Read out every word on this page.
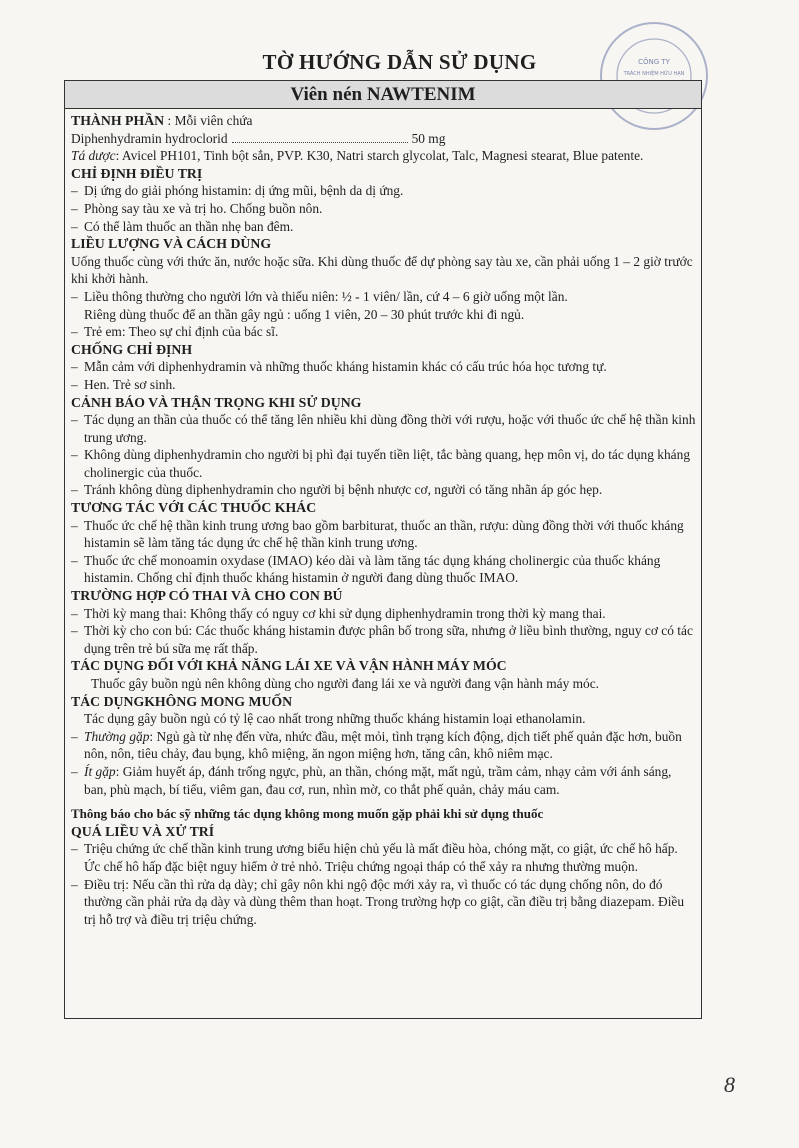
TỜ HƯỚNG DẪN SỬ DỤNG	CÔNG TY
TRÁCH NHIỆM HỮU HẠN
Viên nén NAWTENIM

THÀNH PHẦN : Mỗi viên chứa

Diphenhydramin hydroclorid	50 mg

Tá dược: Avicel PH101, Tinh bột sắn, PVP. K30, Natri starch glycolat, Talc, Magnesi stearat, Blue patente.

CHỈ ĐỊNH ĐIỀU TRỊ

– Dị ứng do giải phóng histamin: dị ứng mũi, bệnh da dị ứng.

– Phòng say tàu xe và trị ho. Chống buồn nôn.

– Có thể làm thuốc an thần nhẹ ban đêm.

LIỀU LƯỢNG VÀ CÁCH DÙNG

Uống thuốc cùng với thức ăn, nước hoặc sữa. Khi dùng thuốc để dự phòng say tàu xe, cần phải uống 1 – 2 giờ trước khi khởi hành.

– Liều thông thường cho người lớn và thiếu niên: ½ - 1 viên/ lần, cứ 4 – 6 giờ uống một lần.

Riêng dùng thuốc để an thần gây ngủ : uống 1 viên, 20 – 30 phút trước khi đi ngủ.

– Trẻ em: Theo sự chỉ định của bác sĩ.

CHỐNG CHỈ ĐỊNH

– Mẫn cảm với diphenhydramin và những thuốc kháng histamin khác có cấu trúc hóa học tương tự.

– Hen. Trẻ sơ sinh.

CẢNH BÁO VÀ THẬN TRỌNG KHI SỬ DỤNG

– Tác dụng an thần của thuốc có thể tăng lên nhiều khi dùng đồng thời với rượu, hoặc với thuốc ức chế hệ thần kinh trung ương.

– Không dùng diphenhydramin cho người bị phì đại tuyến tiền liệt, tắc bàng quang, hẹp môn vị, do tác dụng kháng cholinergic của thuốc.

– Tránh không dùng diphenhydramin cho người bị bệnh nhược cơ, người có tăng nhãn áp góc hẹp.

TƯƠNG TÁC VỚI CÁC THUỐC KHÁC

– Thuốc ức chế hệ thần kinh trung ương bao gồm barbiturat, thuốc an thần, rượu: dùng đồng thời với thuốc kháng histamin sẽ làm tăng tác dụng ức chế hệ thần kinh trung ương.

– Thuốc ức chế monoamin oxydase (IMAO) kéo dài và làm tăng tác dụng kháng cholinergic của thuốc kháng histamin. Chống chỉ định thuốc kháng histamin ở người đang dùng thuốc IMAO.

TRƯỜNG HỢP CÓ THAI VÀ CHO CON BÚ

– Thời kỳ mang thai: Không thấy có nguy cơ khi sử dụng diphenhydramin trong thời kỳ mang thai.

– Thời kỳ cho con bú: Các thuốc kháng histamin được phân bố trong sữa, nhưng ở liều bình thường, nguy cơ có tác dụng trên trẻ bú sữa mẹ rất thấp.

TÁC DỤNG ĐỐI VỚI KHẢ NĂNG LÁI XE VÀ VẬN HÀNH MÁY MÓC

Thuốc gây buồn ngủ nên không dùng cho người đang lái xe và người đang vận hành máy móc.

TÁC DỤNGKHÔNG MONG MUỐN

Tác dụng gây buồn ngủ có tỷ lệ cao nhất trong những thuốc kháng histamin loại ethanolamin.

– Thường gặp: Ngủ gà từ nhẹ đến vừa, nhức đầu, mệt mỏi, tình trạng kích động, dịch tiết phế quản đặc hơn, buồn nôn, nôn, tiêu chảy, đau bụng, khô miệng, ăn ngon miệng hơn, tăng cân, khô niêm mạc.

– Ít gặp: Giảm huyết áp, đánh trống ngực, phù, an thần, chóng mặt, mất ngủ, trầm cảm, nhạy cảm với ánh sáng, ban, phù mạch, bí tiểu, viêm gan, đau cơ, run, nhìn mờ, co thắt phế quản, chảy máu cam.

Thông báo cho bác sỹ những tác dụng không mong muốn gặp phải khi sử dụng thuốc

QUÁ LIỀU VÀ XỬ TRÍ

– Triệu chứng ức chế thần kinh trung ương biểu hiện chủ yếu là mất điều hòa, chóng mặt, co giật, ức chế hô hấp. Ức chế hô hấp đặc biệt nguy hiểm ở trẻ nhỏ. Triệu chứng ngoại tháp có thể xảy ra nhưng thường muộn.

– Điều trị: Nếu cần thì rửa dạ dày; chỉ gây nôn khi ngộ độc mới xảy ra, vì thuốc có tác dụng chống nôn, do đó thường cần phải rửa dạ dày và dùng thêm than hoạt. Trong trường hợp co giật, cần điều trị bằng diazepam. Điều trị hỗ trợ và điều trị triệu chứng.

8
